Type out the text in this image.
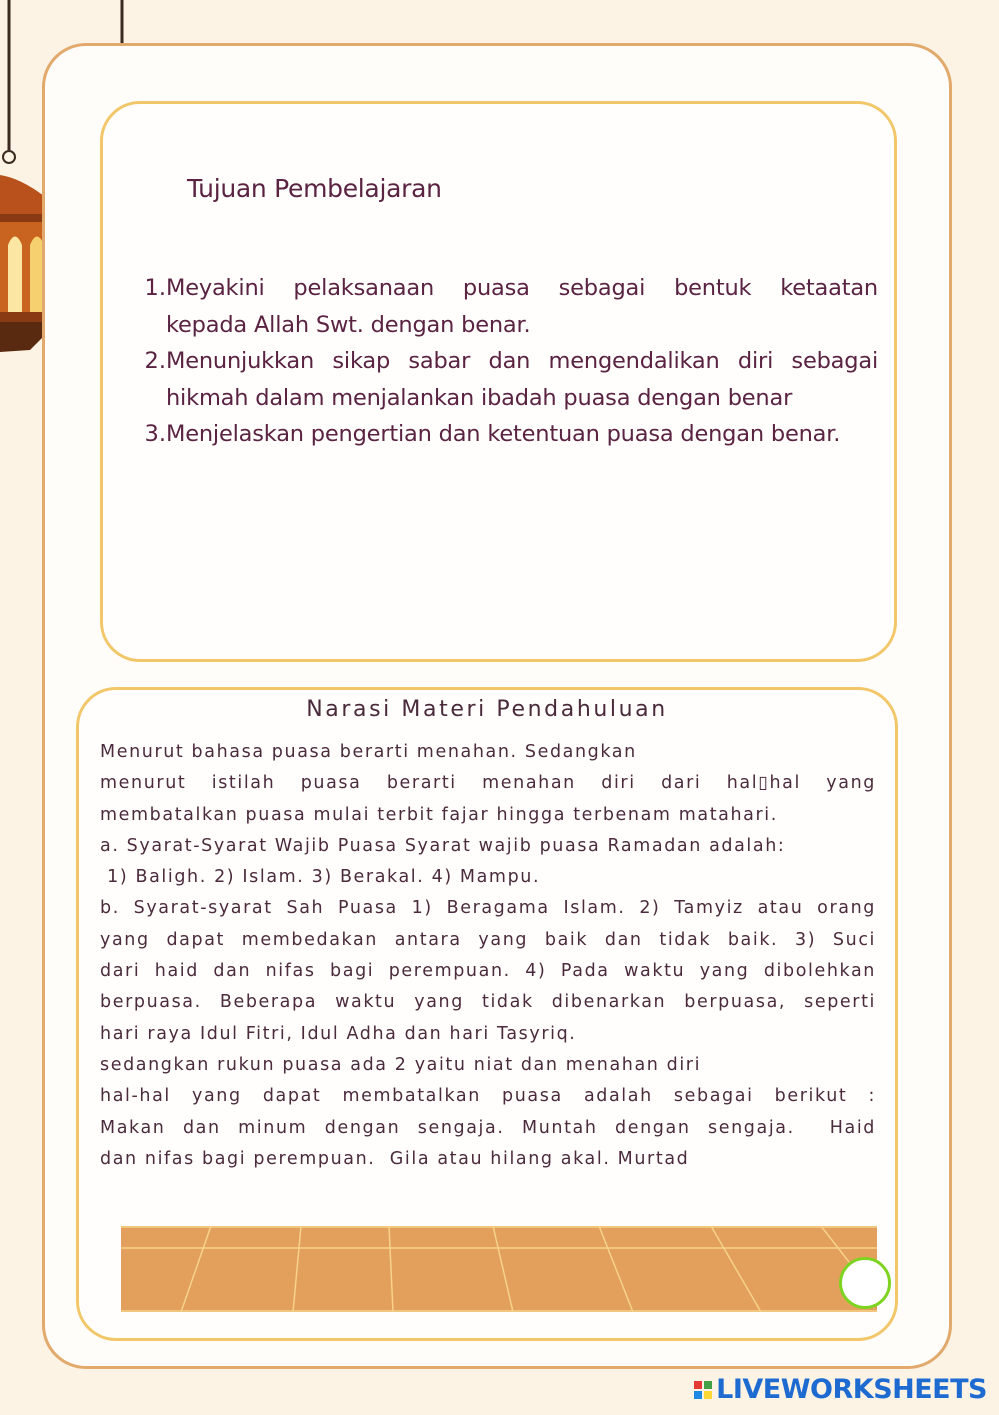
Tujuan Pembelajaran
1. Meyakini pelaksanaan puasa sebagai bentuk ketaatan
kepada Allah Swt. dengan benar.
2. Menunjukkan sikap sabar dan mengendalikan diri sebagai
hikmah dalam menjalankan ibadah puasa dengan benar
3. Menjelaskan pengertian dan ketentuan puasa dengan benar.
Narasi Materi Pendahuluan
Menurut bahasa puasa berarti menahan. Sedangkan
menurut istilah puasa berarti menahan diri dari hal▯hal yang
membatalkan puasa mulai terbit fajar hingga terbenam matahari.
a. Syarat-Syarat Wajib Puasa Syarat wajib puasa Ramadan adalah:
1) Baligh. 2) Islam. 3) Berakal. 4) Mampu.
b. Syarat-syarat Sah Puasa 1) Beragama Islam. 2) Tamyiz atau orang
yang dapat membedakan antara yang baik dan tidak baik. 3) Suci
dari haid dan nifas bagi perempuan. 4) Pada waktu yang dibolehkan
berpuasa. Beberapa waktu yang tidak dibenarkan berpuasa, seperti
hari raya Idul Fitri, Idul Adha dan hari Tasyriq.
sedangkan rukun puasa ada 2 yaitu niat dan menahan diri
hal-hal yang dapat membatalkan puasa adalah sebagai berikut :
Makan dan minum dengan sengaja. Muntah dengan sengaja.  Haid
dan nifas bagi perempuan.  Gila atau hilang akal. Murtad
LIVEWORKSHEETS
